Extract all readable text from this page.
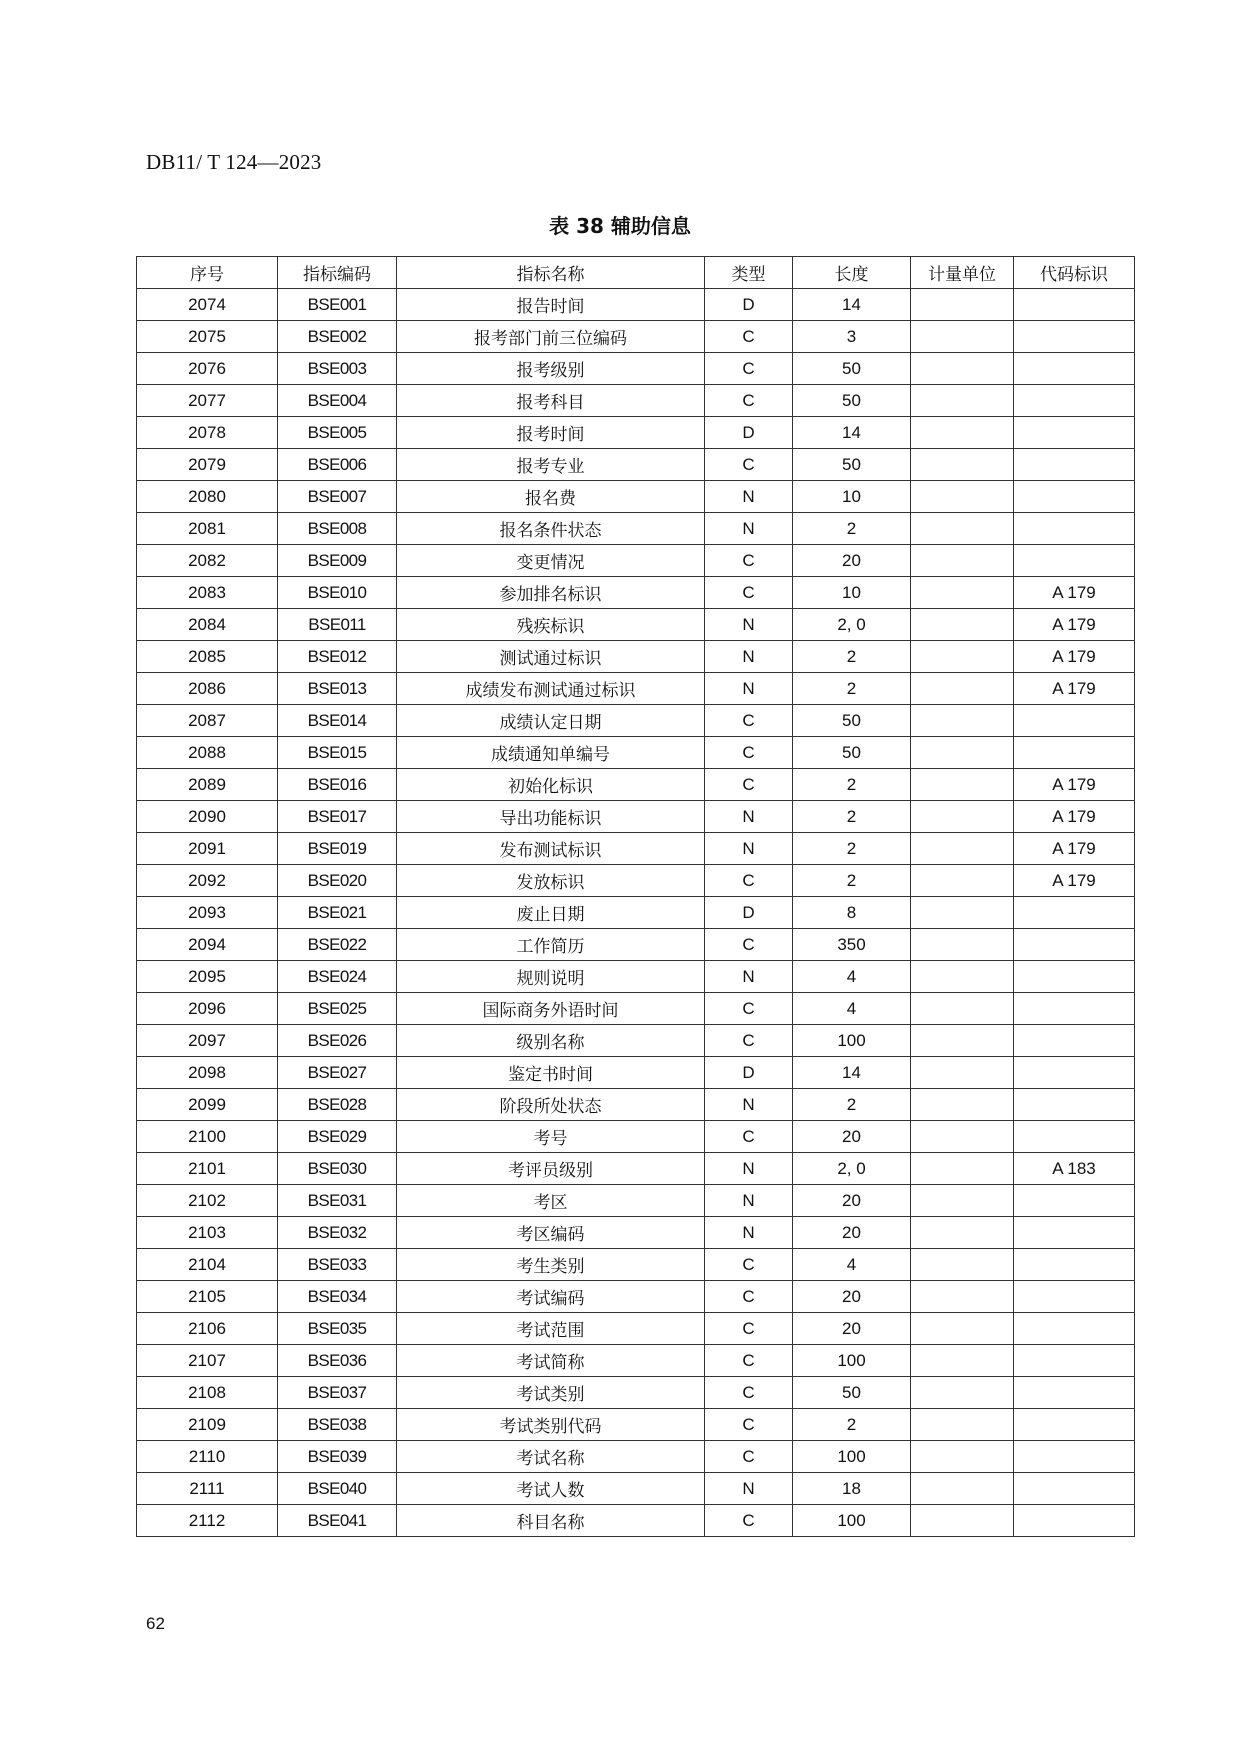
DB11/ T 124—2023
表 38 辅助信息
序号	指标编码	指标名称	类型	长度	计量单位	代码标识
2074	BSE001	报告时间	D	14		
2075	BSE002	报考部门前三位编码	C	3		
2076	BSE003	报考级别	C	50		
2077	BSE004	报考科目	C	50		
2078	BSE005	报考时间	D	14		
2079	BSE006	报考专业	C	50		
2080	BSE007	报名费	N	10		
2081	BSE008	报名条件状态	N	2		
2082	BSE009	变更情况	C	20		
2083	BSE010	参加排名标识	C	10		A 179
2084	BSE011	残疾标识	N	2, 0		A 179
2085	BSE012	测试通过标识	N	2		A 179
2086	BSE013	成绩发布测试通过标识	N	2		A 179
2087	BSE014	成绩认定日期	C	50		
2088	BSE015	成绩通知单编号	C	50		
2089	BSE016	初始化标识	C	2		A 179
2090	BSE017	导出功能标识	N	2		A 179
2091	BSE019	发布测试标识	N	2		A 179
2092	BSE020	发放标识	C	2		A 179
2093	BSE021	废止日期	D	8		
2094	BSE022	工作简历	C	350		
2095	BSE024	规则说明	N	4		
2096	BSE025	国际商务外语时间	C	4		
2097	BSE026	级别名称	C	100		
2098	BSE027	鉴定书时间	D	14		
2099	BSE028	阶段所处状态	N	2		
2100	BSE029	考号	C	20		
2101	BSE030	考评员级别	N	2, 0		A 183
2102	BSE031	考区	N	20		
2103	BSE032	考区编码	N	20		
2104	BSE033	考生类别	C	4		
2105	BSE034	考试编码	C	20		
2106	BSE035	考试范围	C	20		
2107	BSE036	考试简称	C	100		
2108	BSE037	考试类别	C	50		
2109	BSE038	考试类别代码	C	2		
2110	BSE039	考试名称	C	100		
2111	BSE040	考试人数	N	18		
2112	BSE041	科目名称	C	100		
62
